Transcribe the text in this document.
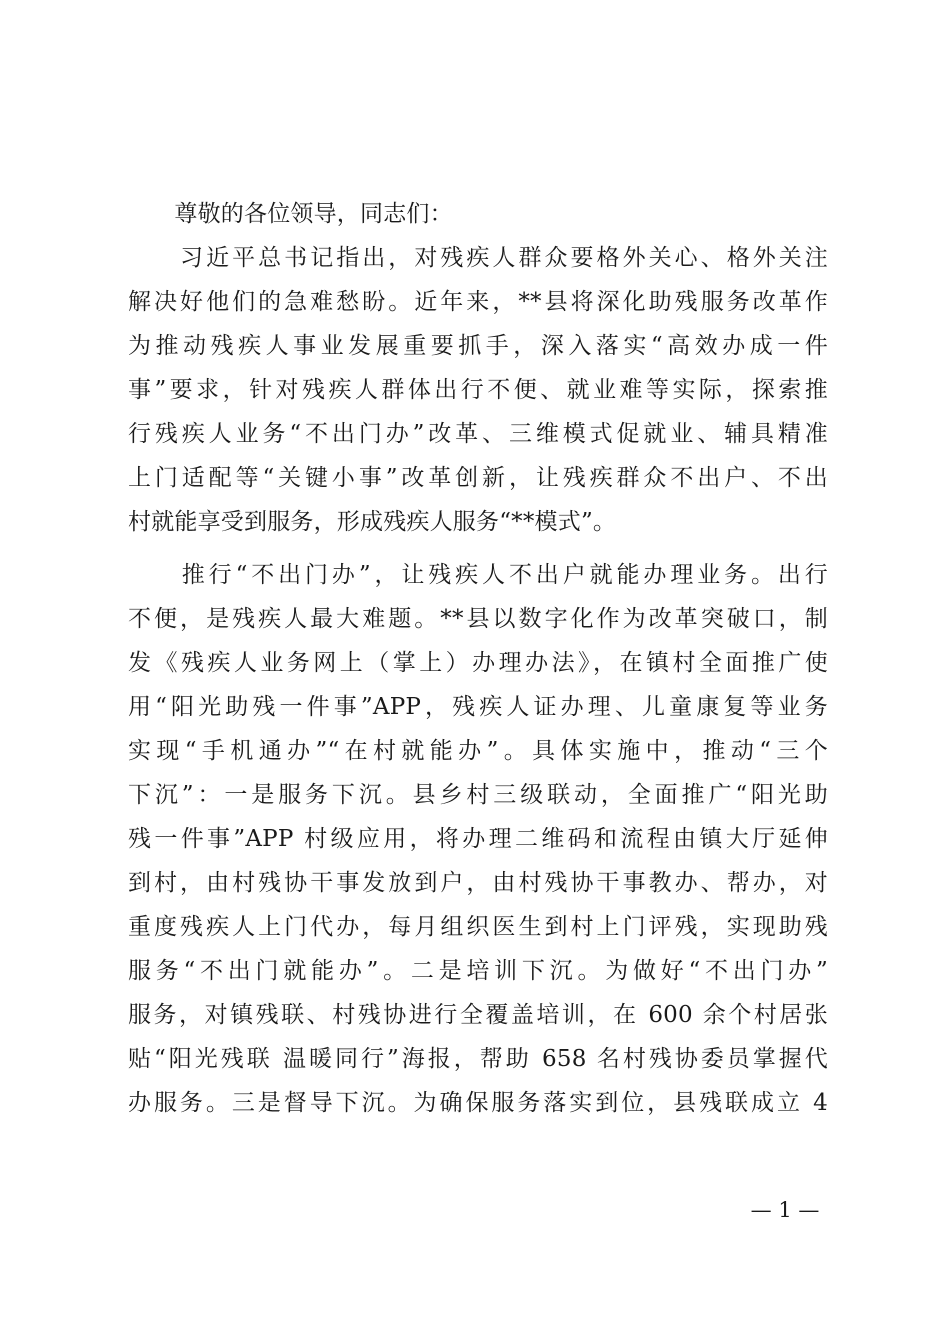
　　尊敬的各位领导，同志们：
　　习近平总书记指出，对残疾人群众要格外关心、格外关注
解决好他们的急难愁盼。近年来，**县将深化助残服务改革作
为推动残疾人事业发展重要抓手，深入落实“高效办成一件
事”要求，针对残疾人群体出行不便、就业难等实际，探索推
行残疾人业务“不出门办”改革、三维模式促就业、辅具精准
上门适配等“关键小事”改革创新，让残疾群众不出户、不出
村就能享受到服务，形成残疾人服务“**模式”。
　　推行“不出门办”，让残疾人不出户就能办理业务。出行
不便，是残疾人最大难题。**县以数字化作为改革突破口，制
发《残疾人业务网上（掌上）办理办法》，在镇村全面推广使
用“阳光助残一件事”APP，残疾人证办理、儿童康复等业务
实现“手机通办”“在村就能办”。具体实施中，推动“三个
下沉”：一是服务下沉。县乡村三级联动，全面推广“阳光助
残一件事”APP 村级应用，将办理二维码和流程由镇大厅延伸
到村，由村残协干事发放到户，由村残协干事教办、帮办，对
重度残疾人上门代办，每月组织医生到村上门评残，实现助残
服务“不出门就能办”。二是培训下沉。为做好“不出门办”
服务，对镇残联、村残协进行全覆盖培训，在 600 余个村居张
贴“阳光残联 温暖同行”海报，帮助 658 名村残协委员掌握代
办服务。三是督导下沉。为确保服务落实到位，县残联成立 4
— 1 —
